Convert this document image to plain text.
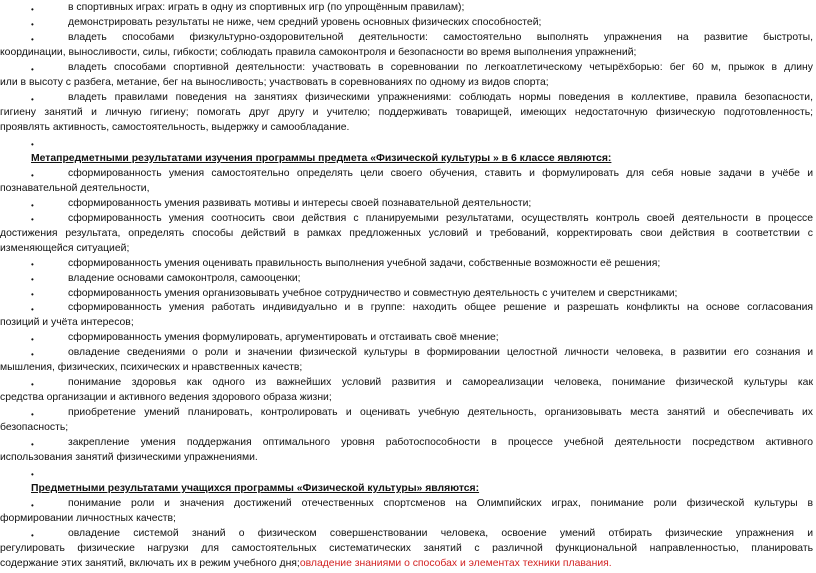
•	в спортивных играх: играть в одну из спортивных игр (по упрощённым правилам);
•	демонстрировать результаты не ниже, чем средний уровень основных физических способностей;
•	владеть способами физкультурно-оздоровительной деятельности: самостоятельно выполнять упражнения на развитие быстроты,
координации, выносливости, силы, гибкости; соблюдать правила самоконтроля и безопасности во время выполнения упражнений;
•	владеть способами спортивной деятельности: участвовать в соревновании по легкоатлетическому четырёхборью: бег 60 м, прыжок в длину
или в высоту с разбега, метание, бег на выносливость; участвовать в соревнованиях по одному из видов спорта;
•	владеть правилами поведения на занятиях физическими упражнениями: соблюдать нормы поведения в коллективе, правила безопасности,
гигиену занятий и личную гигиену; помогать друг другу и учителю; поддерживать товарищей, имеющих недостаточную физическую подготовленность;
проявлять активность, самостоятельность, выдержку и самообладание.
•
Метапредметными результатами изучения программы предмета «Физической культуры » в 6 классе являются:
•	сформированность умения самостоятельно определять цели своего обучения, ставить и формулировать для себя новые задачи в учёбе и
познавательной деятельности,
•	сформированность умения развивать мотивы и интересы своей познавательной деятельности;
•	сформированность умения соотносить свои действия с планируемыми результатами, осуществлять контроль своей деятельности в процессе
достижения результата, определять способы действий в рамках предложенных условий и требований, корректировать свои действия в соответствии с
изменяющейся ситуацией;
•	сформированность умения оценивать правильность выполнения учебной задачи, собственные возможности её решения;
•	владение основами самоконтроля, самооценки;
•	сформированность умения организовывать учебное сотрудничество и совместную деятельность с учителем и сверстниками;
•	сформированность умения работать индивидуально и в группе: находить общее решение и разрешать конфликты на основе согласования
позиций и учёта интересов;
•	сформированность умения формулировать, аргументировать и отстаивать своё мнение;
•	овладение сведениями о роли и значении физической культуры в формировании целостной личности человека, в развитии его сознания и
мышления, физических, психических и нравственных качеств;
•	понимание здоровья как одного из важнейших условий развития и самореализации человека, понимание физической культуры как
средства организации и активного ведения здорового образа жизни;
•	приобретение умений планировать, контролировать и оценивать учебную деятельность, организовывать места занятий и обеспечивать их
безопасность;
•	закрепление умения поддержания оптимального уровня работоспособности в процессе учебной деятельности посредством активного
использования занятий физическими упражнениями.
•
Предметными результатами учащихся программы «Физической культуры» являются:
•	понимание роли и значения достижений отечественных спортсменов на Олимпийских играх, понимание роли физической культуры в
формировании личностных качеств;
•	овладение системой знаний о физическом совершенствовании человека, освоение умений отбирать физические упражнения и
регулировать физические нагрузки для самостоятельных систематических занятий с различной функциональной направленностью, планировать
содержание этих занятий, включать их в режим учебного дня;овладение знаниями о способах и элементах техники плавания.
